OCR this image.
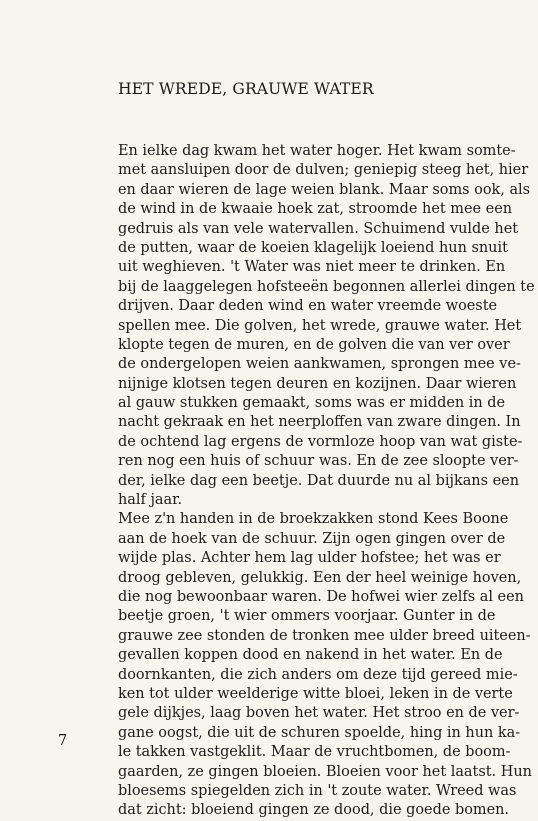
HET WREDE, GRAUWE WATER
En ielke dag kwam het water hoger. Het kwam somte-
met aansluipen door de dulven; geniepig steeg het, hier
en daar wieren de lage weien blank. Maar soms ook, als
de wind in de kwaaie hoek zat, stroomde het mee een
gedruis als van vele watervallen. Schuimend vulde het
de putten, waar de koeien klagelijk loeiend hun snuit
uit weghieven. 't Water was niet meer te drinken. En
bij de laaggelegen hofsteeën begonnen allerlei dingen te
drijven. Daar deden wind en water vreemde woeste
spellen mee. Die golven, het wrede, grauwe water. Het
klopte tegen de muren, en de golven die van ver over
de ondergelopen weien aankwamen, sprongen mee ve-
nijnige klotsen tegen deuren en kozijnen. Daar wieren
al gauw stukken gemaakt, soms was er midden in de
nacht gekraak en het neerploffen van zware dingen. In
de ochtend lag ergens de vormloze hoop van wat giste-
ren nog een huis of schuur was. En de zee sloopte ver-
der, ielke dag een beetje. Dat duurde nu al bijkans een
half jaar.
Mee z'n handen in de broekzakken stond Kees Boone
aan de hoek van de schuur. Zijn ogen gingen over de
wijde plas. Achter hem lag ulder hofstee; het was er
droog gebleven, gelukkig. Een der heel weinige hoven,
die nog bewoonbaar waren. De hofwei wier zelfs al een
beetje groen, 't wier ommers voorjaar. Gunter in de
grauwe zee stonden de tronken mee ulder breed uiteen-
gevallen koppen dood en nakend in het water. En de
doornkanten, die zich anders om deze tijd gereed mie-
ken tot ulder weelderige witte bloei, leken in de verte
gele dijkjes, laag boven het water. Het stroo en de ver-
gane oogst, die uit de schuren spoelde, hing in hun ka-
le takken vastgeklit. Maar de vruchtbomen, de boom-
gaarden, ze gingen bloeien. Bloeien voor het laatst. Hun
bloesems spiegelden zich in 't zoute water. Wreed was
dat zicht: bloeiend gingen ze dood, die goede bomen.
7
